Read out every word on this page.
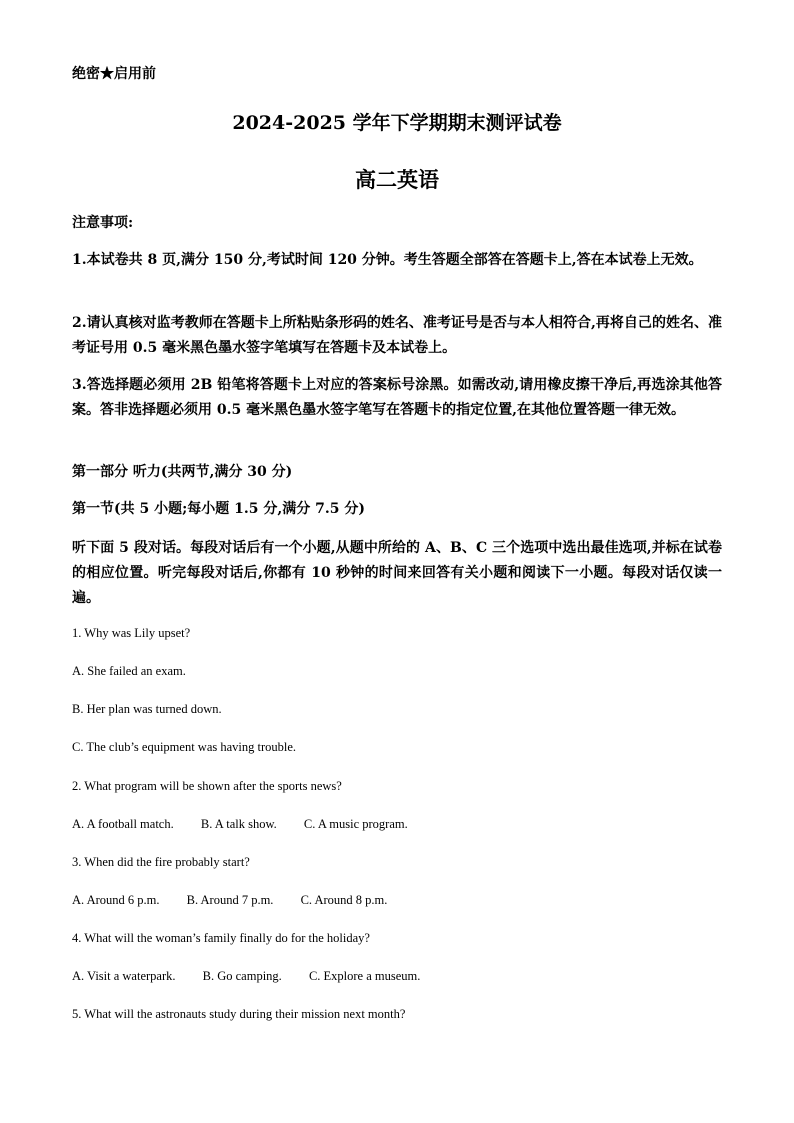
绝密★启用前
2024-2025 学年下学期期末测评试卷
高二英语
注意事项:
1.本试卷共 8 页,满分 150 分,考试时间 120 分钟。考生答题全部答在答题卡上,答在本试卷上无效。
2.请认真核对监考教师在答题卡上所粘贴条形码的姓名、准考证号是否与本人相符合,再将自己的姓名、准考证号用 0.5 毫米黑色墨水签字笔填写在答题卡及本试卷上。
3.答选择题必须用 2B 铅笔将答题卡上对应的答案标号涂黑。如需改动,请用橡皮擦干净后,再选涂其他答案。答非选择题必须用 0.5 毫米黑色墨水签字笔写在答题卡的指定位置,在其他位置答题一律无效。
第一部分 听力(共两节,满分 30 分)
第一节(共 5 小题;每小题 1.5 分,满分 7.5 分)
听下面 5 段对话。每段对话后有一个小题,从题中所给的 A、B、C 三个选项中选出最佳选项,并标在试卷的相应位置。听完每段对话后,你都有 10 秒钟的时间来回答有关小题和阅读下一小题。每段对话仅读一遍。
1. Why was Lily upset?
A. She failed an exam.
B. Her plan was turned down.
C. The club’s equipment was having trouble.
2. What program will be shown after the sports news?
A. A football match. B. A talk show. C. A music program.
3. When did the fire probably start?
A. Around 6 p.m. B. Around 7 p.m. C. Around 8 p.m.
4. What will the woman’s family finally do for the holiday?
A. Visit a waterpark. B. Go camping. C. Explore a museum.
5. What will the astronauts study during their mission next month?
